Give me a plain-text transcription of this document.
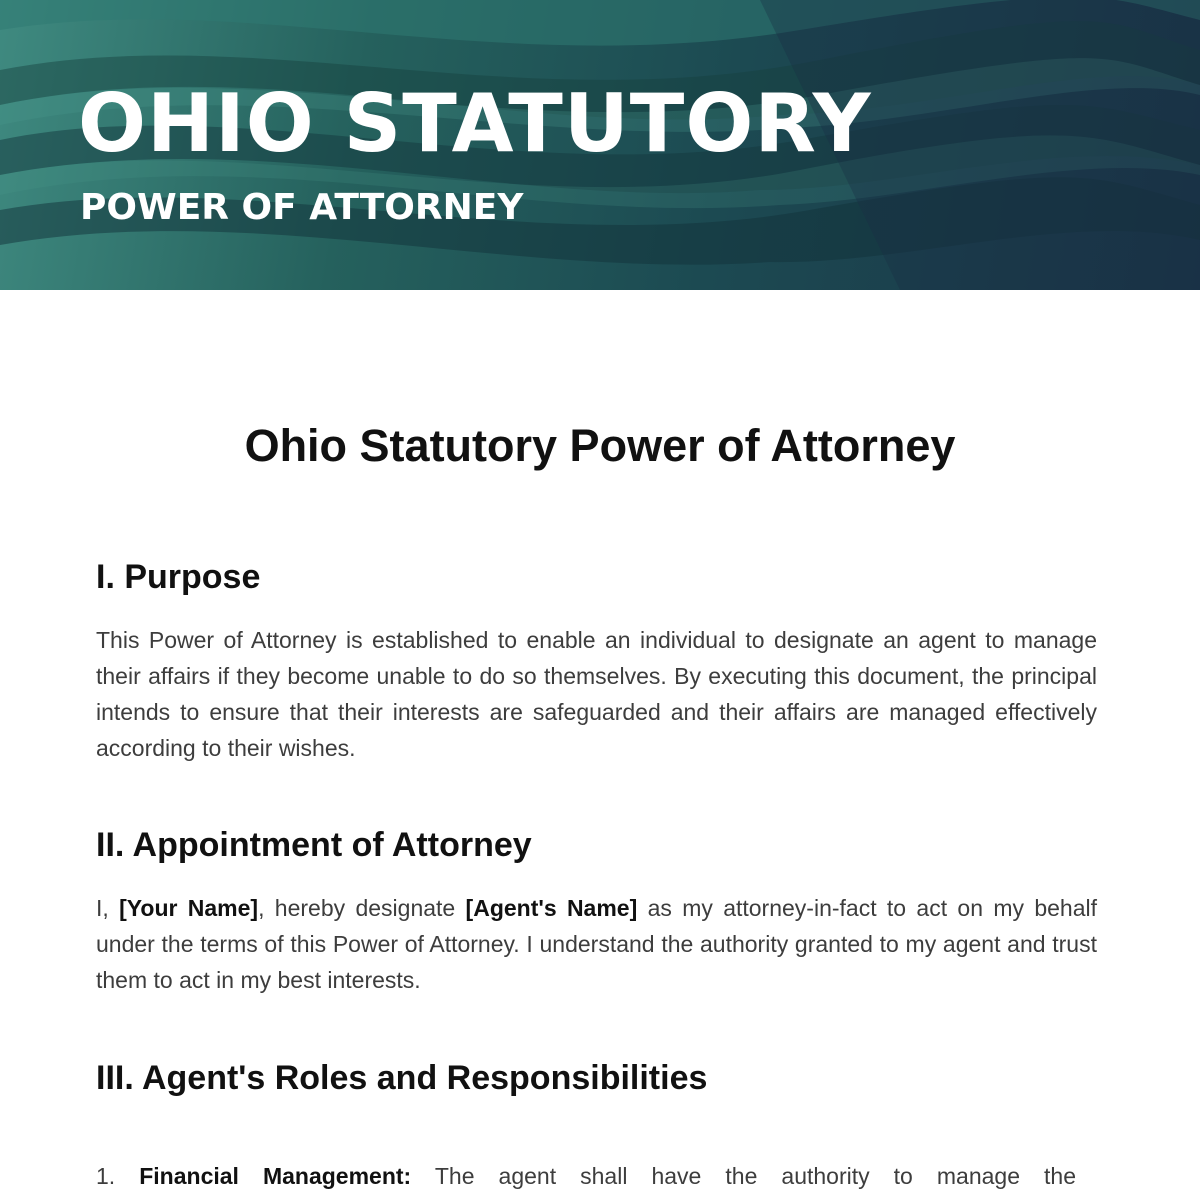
OHIO STATUTORY
POWER OF ATTORNEY
Ohio Statutory Power of Attorney
I. Purpose

This Power of Attorney is established to enable an individual to designate an agent to manage their affairs if they become unable to do so themselves. By executing this document, the principal intends to ensure that their interests are safeguarded and their affairs are managed effectively according to their wishes.

II. Appointment of Attorney

I, [Your Name], hereby designate [Agent's Name] as my attorney-in-fact to act on my behalf under the terms of this Power of Attorney. I understand the authority granted to my agent and trust them to act in my best interests.

III. Agent's Roles and Responsibilities

1. Financial Management: The agent shall have the authority to manage the
